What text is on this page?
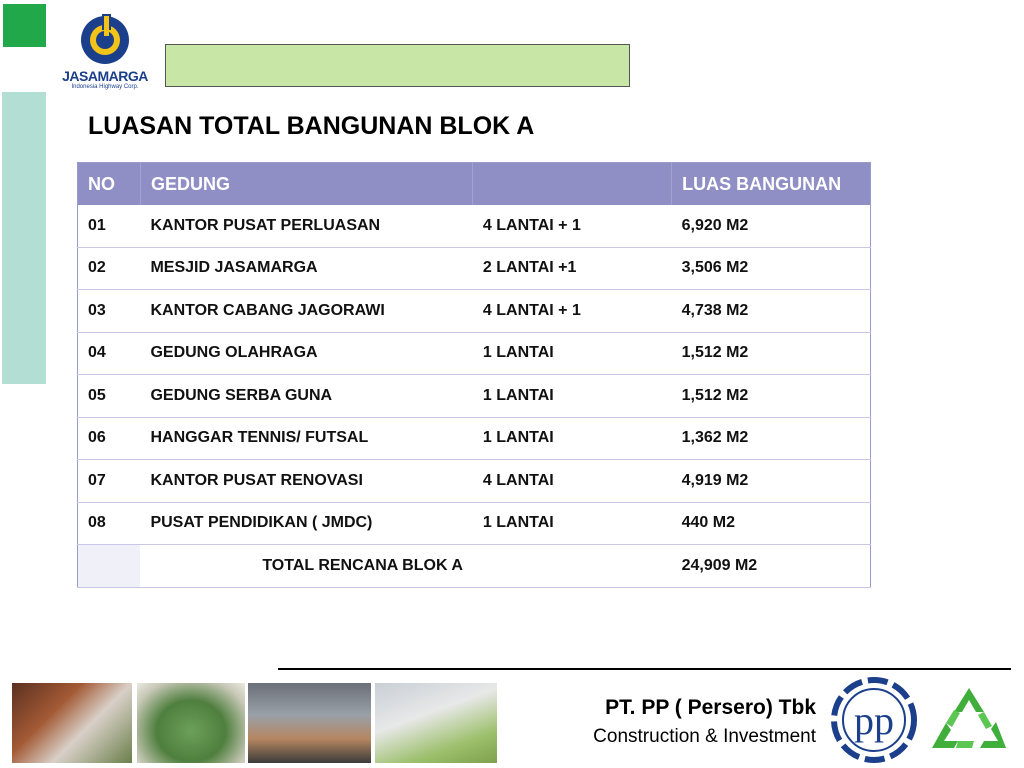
JASAMARGA
Indonesia Highway Corp.
LUASAN TOTAL BANGUNAN BLOK A
NO	GEDUNG		LUAS BANGUNAN
01	KANTOR PUSAT PERLUASAN	4 LANTAI + 1	6,920 M2
02	MESJID JASAMARGA	2 LANTAI +1	3,506 M2
03	KANTOR CABANG JAGORAWI	4 LANTAI + 1	4,738 M2
04	GEDUNG OLAHRAGA	1 LANTAI	1,512 M2
05	GEDUNG SERBA GUNA	1 LANTAI	1,512 M2
06	HANGGAR TENNIS/ FUTSAL	1 LANTAI	1,362 M2
07	KANTOR PUSAT RENOVASI	4 LANTAI	4,919 M2
08	PUSAT PENDIDIKAN ( JMDC)	1 LANTAI	440 M2
	TOTAL RENCANA BLOK A		24,909 M2
PT. PP ( Persero) Tbk
Construction & Investment pp
